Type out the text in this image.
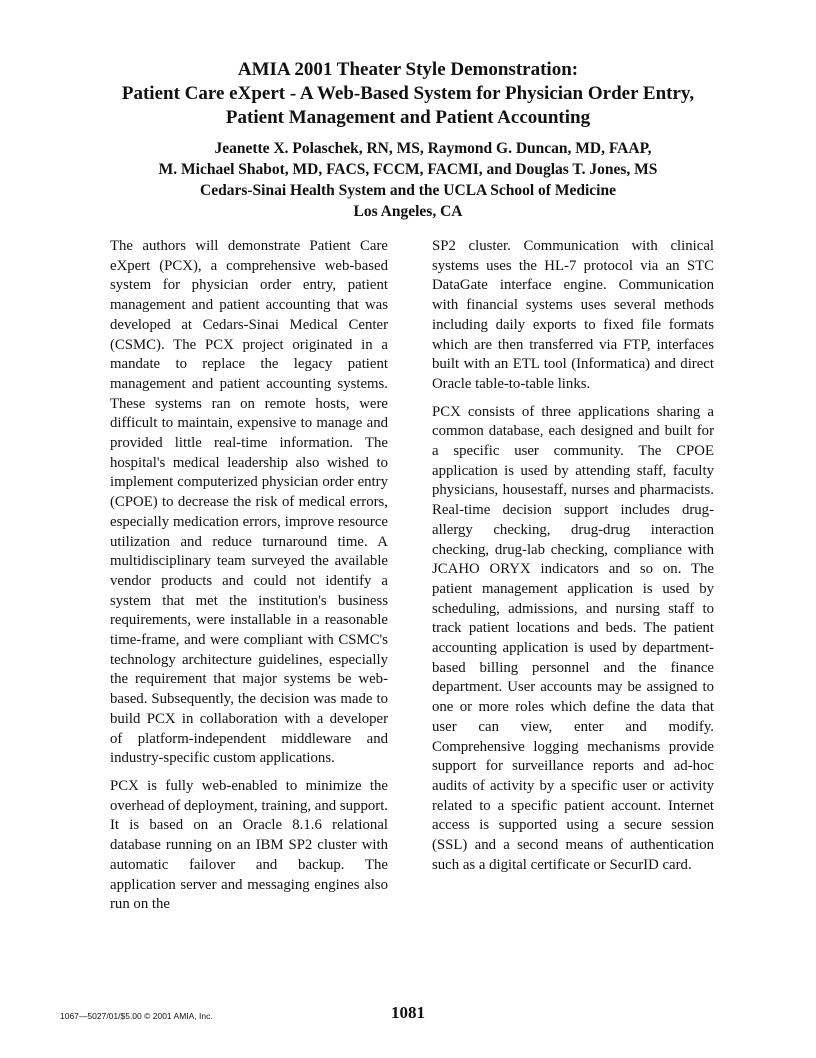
AMIA 2001 Theater Style Demonstration:

Patient Care eXpert - A Web-Based System for Physician Order Entry,

Patient Management and Patient Accounting

Jeanette X. Polaschek, RN, MS, Raymond G. Duncan, MD, FAAP,

M. Michael Shabot, MD, FACS, FCCM, FACMI, and Douglas T. Jones, MS

Cedars-Sinai Health System and the UCLA School of Medicine

Los Angeles, CA

The authors will demonstrate Patient Care eXpert (PCX), a comprehensive web-based system for physician order entry, patient management and patient accounting that was developed at Cedars-Sinai Medical Center (CSMC). The PCX project originated in a mandate to replace the legacy patient management and patient accounting systems. These systems ran on remote hosts, were difficult to maintain, expensive to manage and provided little real-time information. The hospital's medical leadership also wished to implement computerized physician order entry (CPOE) to decrease the risk of medical errors, especially medication errors, improve resource utilization and reduce turnaround time. A multidisciplinary team surveyed the available vendor products and could not identify a system that met the institution's business requirements, were installable in a reasonable time-frame, and were compliant with CSMC's technology architecture guidelines, especially the requirement that major systems be web-based. Subsequently, the decision was made to build PCX in collaboration with a developer of platform-independent middleware and industry-specific custom applications.

PCX is fully web-enabled to minimize the overhead of deployment, training, and support. It is based on an Oracle 8.1.6 relational database running on an IBM SP2 cluster with automatic failover and backup. The application server and messaging engines also run on the

SP2 cluster. Communication with clinical systems uses the HL-7 protocol via an STC DataGate interface engine. Communication with financial systems uses several methods including daily exports to fixed file formats which are then transferred via FTP, interfaces built with an ETL tool (Informatica) and direct Oracle table-to-table links.

PCX consists of three applications sharing a common database, each designed and built for a specific user community. The CPOE application is used by attending staff, faculty physicians, housestaff, nurses and pharmacists. Real-time decision support includes drug-allergy checking, drug-drug interaction checking, drug-lab checking, compliance with JCAHO ORYX indicators and so on. The patient management application is used by scheduling, admissions, and nursing staff to track patient locations and beds. The patient accounting application is used by department-based billing personnel and the finance department. User accounts may be assigned to one or more roles which define the data that user can view, enter and modify. Comprehensive logging mechanisms provide support for surveillance reports and ad-hoc audits of activity by a specific user or activity related to a specific patient account. Internet access is supported using a secure session (SSL) and a second means of authentication such as a digital certificate or SecurID card.

1067—5027/01/$5.00 © 2001 AMIA, Inc.	1081
